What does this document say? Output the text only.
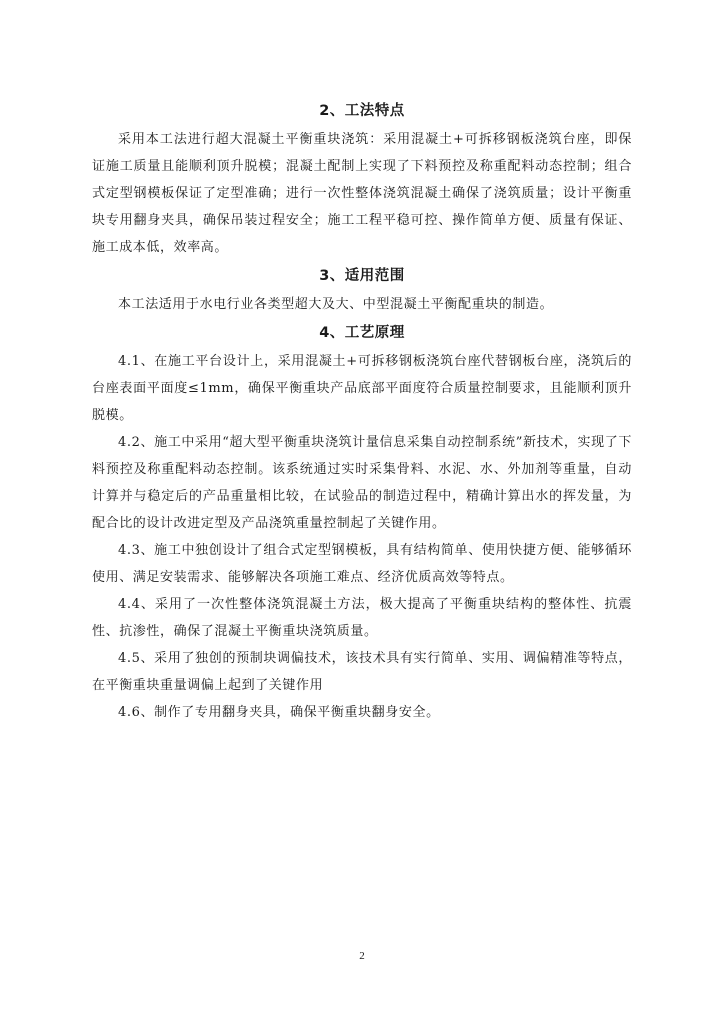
2、工法特点

采用本工法进行超大混凝土平衡重块浇筑：采用混凝土+可拆移钢板浇筑台座，即保证施工质量且能顺利顶升脱模；混凝土配制上实现了下料预控及称重配料动态控制；组合式定型钢模板保证了定型准确；进行一次性整体浇筑混凝土确保了浇筑质量；设计平衡重块专用翻身夹具，确保吊装过程安全；施工工程平稳可控、操作简单方便、质量有保证、施工成本低，效率高。

3、适用范围

本工法适用于水电行业各类型超大及大、中型混凝土平衡配重块的制造。

4、工艺原理

4.1、在施工平台设计上，采用混凝土+可拆移钢板浇筑台座代替钢板台座，浇筑后的台座表面平面度≤1mm，确保平衡重块产品底部平面度符合质量控制要求，且能顺利顶升脱模。

4.2、施工中采用“超大型平衡重块浇筑计量信息采集自动控制系统”新技术，实现了下料预控及称重配料动态控制。该系统通过实时采集骨料、水泥、水、外加剂等重量，自动计算并与稳定后的产品重量相比较，在试验品的制造过程中，精确计算出水的挥发量，为配合比的设计改进定型及产品浇筑重量控制起了关键作用。

4.3、施工中独创设计了组合式定型钢模板，具有结构简单、使用快捷方便、能够循环使用、满足安装需求、能够解决各项施工难点、经济优质高效等特点。

4.4、采用了一次性整体浇筑混凝土方法，极大提高了平衡重块结构的整体性、抗震性、抗渗性，确保了混凝土平衡重块浇筑质量。

4.5、采用了独创的预制块调偏技术，该技术具有实行简单、实用、调偏精准等特点，在平衡重块重量调偏上起到了关键作用

4.6、制作了专用翻身夹具，确保平衡重块翻身安全。

2
